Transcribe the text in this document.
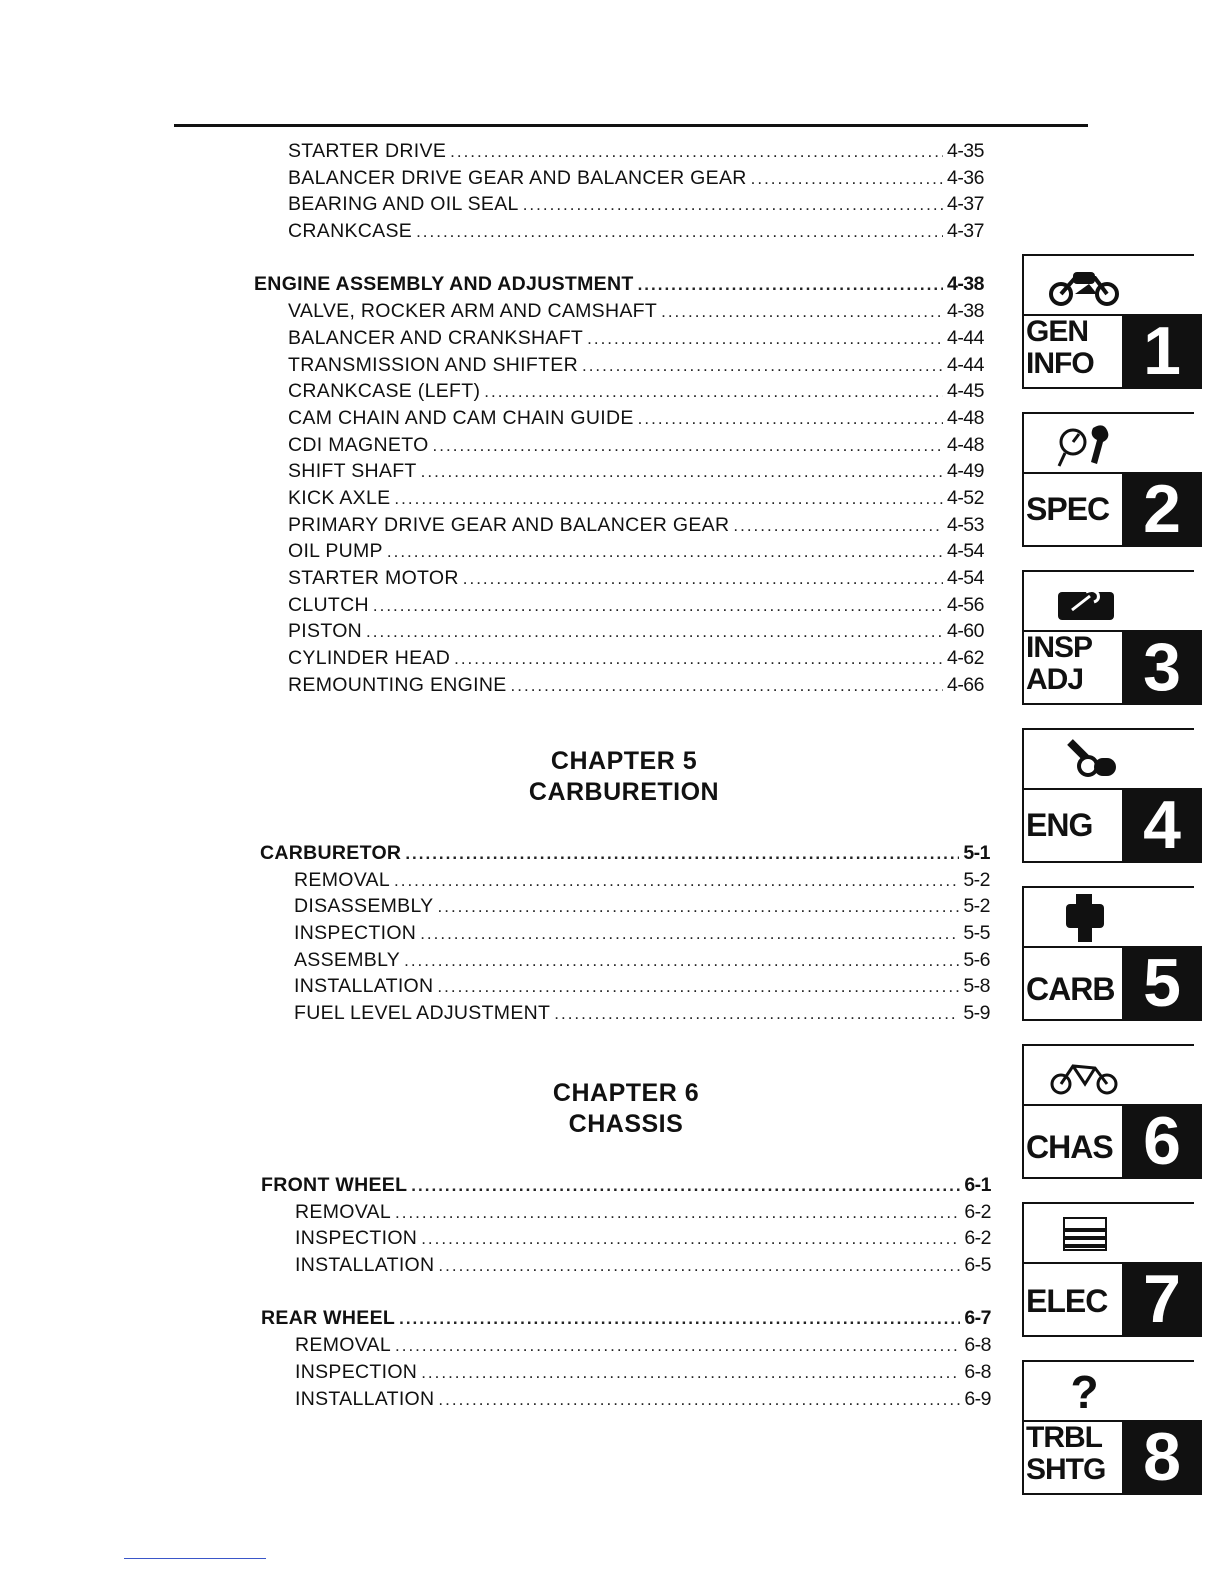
STARTER DRIVE .....	4-35
BALANCER DRIVE GEAR AND BALANCER GEAR .....	4-36
BEARING AND OIL SEAL .....	4-37
CRANKCASE .....	4-37
ENGINE ASSEMBLY AND ADJUSTMENT .....	4-38
VALVE, ROCKER ARM AND CAMSHAFT .....	4-38
BALANCER AND CRANKSHAFT .....	4-44
TRANSMISSION AND SHIFTER .....	4-44
CRANKCASE (LEFT) .....	4-45
CAM CHAIN AND CAM CHAIN GUIDE .....	4-48
CDI MAGNETO .....	4-48
SHIFT SHAFT .....	4-49
KICK AXLE .....	4-52
PRIMARY DRIVE GEAR AND BALANCER GEAR .....	4-53
OIL PUMP .....	4-54
STARTER MOTOR .....	4-54
CLUTCH .....	4-56
PISTON .....	4-60
CYLINDER HEAD .....	4-62
REMOUNTING ENGINE .....	4-66
CHAPTER 5
CARBURETION
CARBURETOR .....	5-1
REMOVAL .....	5-2
DISASSEMBLY .....	5-2
INSPECTION .....	5-5
ASSEMBLY .....	5-6
INSTALLATION .....	5-8
FUEL LEVEL ADJUSTMENT .....	5-9
CHAPTER 6
CHASSIS
FRONT WHEEL .....	6-1
REMOVAL .....	6-2
INSPECTION .....	6-2
INSTALLATION .....	6-5
REAR WHEEL .....	6-7
REMOVAL .....	6-8
INSPECTION .....	6-8
INSTALLATION .....	6-9
GEN
INFO 1
SPEC 2
INSP
ADJ 3
ENG 4
CARB 5
CHAS 6
ELEC 7
?
TRBL
SHTG 8
